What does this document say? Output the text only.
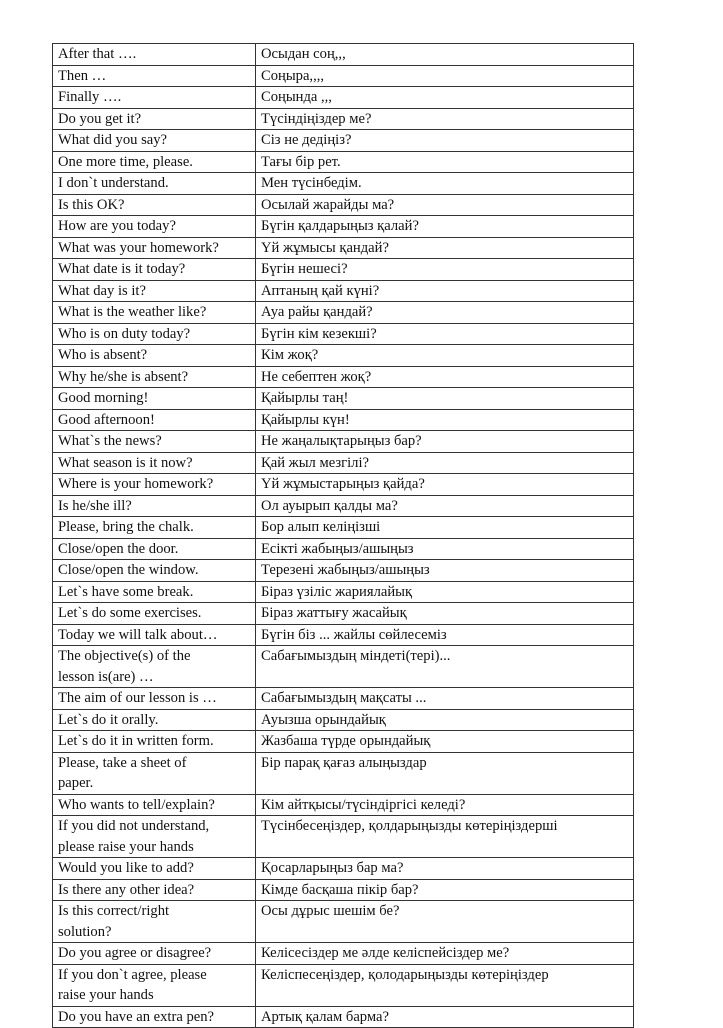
After that ….	Осыдан соң,,,
Then …	Соңыра,,,,
Finally ….	Соңында ,,,
Do you get it?	Түсіндіңіздер ме?
What did you say?	Сіз не дедіңіз?
One more time, please.	Тағы бір рет.
I don`t understand.	Мен түсінбедім.
Is this OK?	Осылай жарайды ма?
How are you today?	Бүгін қалдарыңыз қалай?
What was your homework?	Үй жұмысы қандай?
What date is it today?	Бүгін нешесі?
What day is it?	Аптаның қай күні?
What is the weather like?	Ауа райы қандай?
Who is on duty today?	Бүгін кім кезекші?
Who is absent?	Кім жоқ?
Why he/she is absent?	Не себептен жоқ?
Good morning!	Қайырлы таң!
Good afternoon!	Қайырлы күн!
What`s the news?	Не жаңалықтарыңыз бар?
What season is it now?	Қай жыл мезгілі?
Where is your homework?	Үй жұмыстарыңыз қайда?
Is he/she ill?	Ол ауырып қалды ма?
Please, bring the chalk.	Бор алып келіңізші
Close/open the door.	Есікті жабыңыз/ашыңыз
Close/open the window.	Терезені жабыңыз/ашыңыз
Let`s have some break.	Біраз үзіліс жариялайық
Let`s do some exercises.	Біраз жаттығу жасайық
Today we will talk about…	Бүгін біз ... жайлы сөйлесеміз
The objective(s) of the
lesson is(are) …	Сабағымыздың міндеті(тері)...
The aim of our lesson is …	Сабағымыздың мақсаты ...
Let`s do it orally.	Ауызша орындайық
Let`s do it in written form.	Жазбаша түрде орындайық
Please, take a sheet of
paper.	Бір парақ қағаз алыңыздар
Who wants to tell/explain?	Кім айтқысы/түсіндіргісі келеді?
If you did not understand,
please raise your hands	Түсінбесеңіздер, қолдарыңызды көтеріңіздерші
Would you like to add?	Қосарларыңыз бар ма?
Is there any other idea?	Кімде басқаша пікір бар?
Is this correct/right
solution?	Осы дұрыс шешім бе?
Do you agree or disagree?	Келісесіздер ме әлде келіспейсіздер ме?
If you don`t agree, please
raise your hands	Келіспесеңіздер, қолодарыңызды көтеріңіздер
Do you have an extra pen?	Артық қалам барма?
